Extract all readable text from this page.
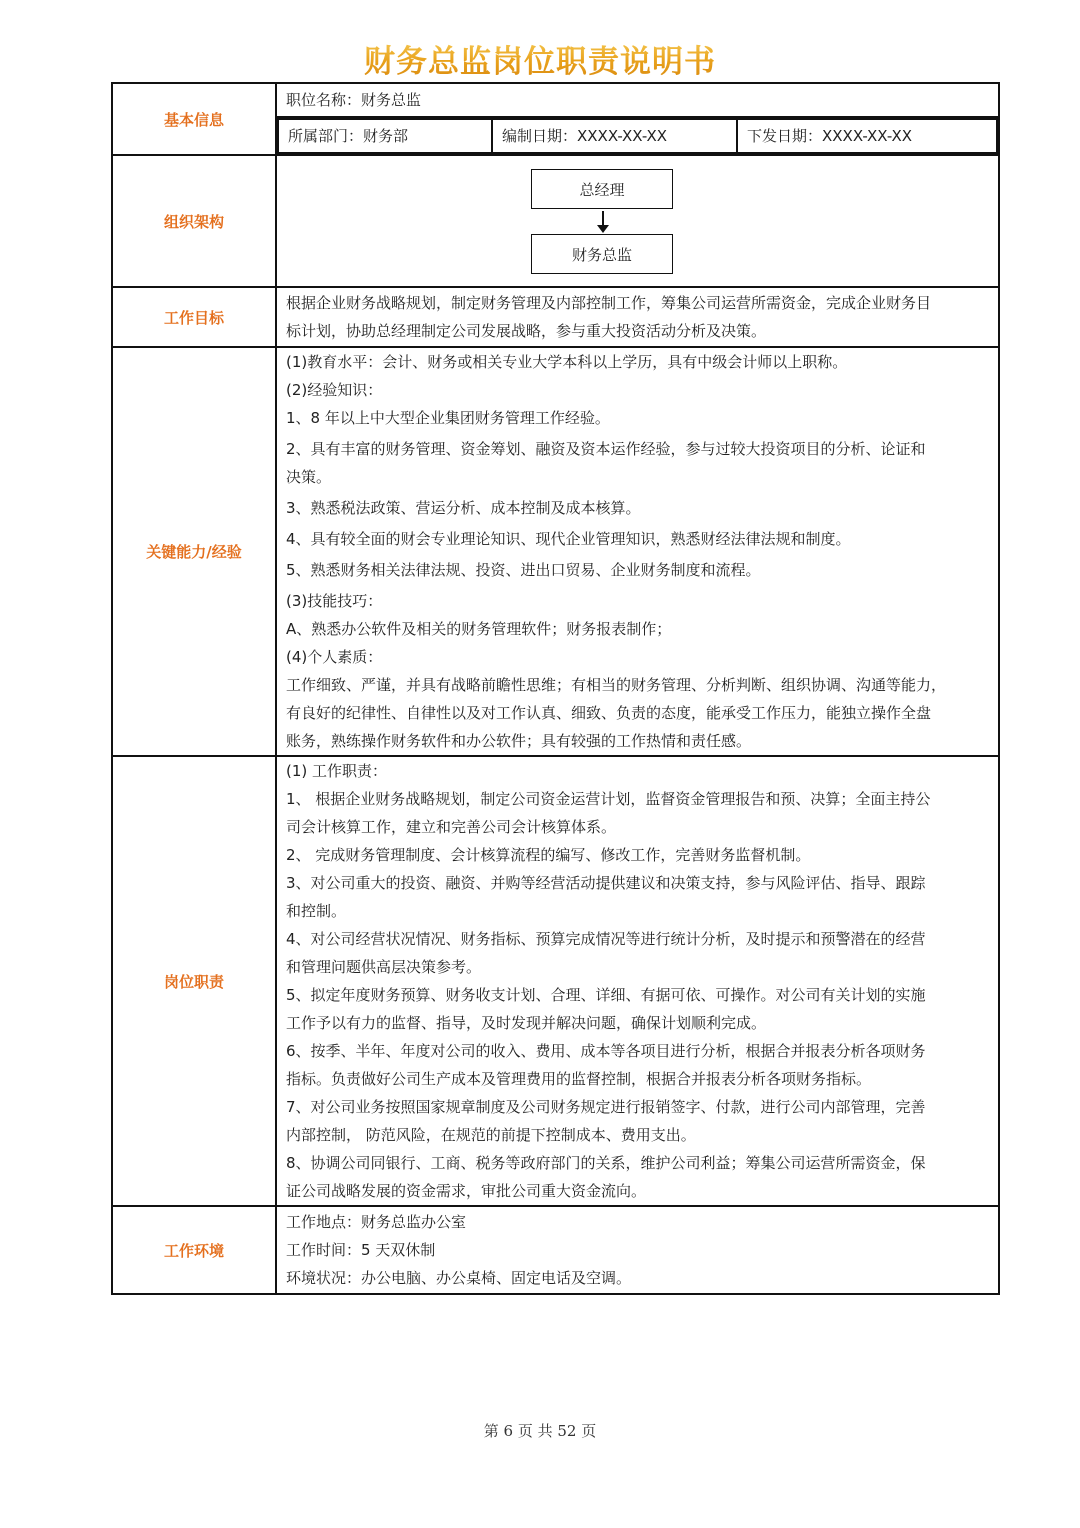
财务总监岗位职责说明书
基本信息	
职位名称：财务总监

所属部门：财务部	编制日期：XXXX-XX-XX	下发日期：XXXX-XX-XX

组织架构	
总经理
财务总监

工作目标	
根据企业财务战略规划，制定财务管理及内部控制工作，筹集公司运营所需资金，完成企业财务目
标计划，协助总经理制定公司发展战略，参与重大投资活动分析及决策。

关键能力/经验	
(1)教育水平：会计、财务或相关专业大学本科以上学历，具有中级会计师以上职称。
(2)经验知识：
1、8 年以上中大型企业集团财务管理工作经验。
2、具有丰富的财务管理、资金筹划、融资及资本运作经验，参与过较大投资项目的分析、论证和
决策。
3、熟悉税法政策、营运分析、成本控制及成本核算。
4、具有较全面的财会专业理论知识、现代企业管理知识，熟悉财经法律法规和制度。
5、熟悉财务相关法律法规、投资、进出口贸易、企业财务制度和流程。
(3)技能技巧：
A、熟悉办公软件及相关的财务管理软件；财务报表制作；
(4)个人素质：
工作细致、严谨，并具有战略前瞻性思维；有相当的财务管理、分析判断、组织协调、沟通等能力，
有良好的纪律性、自律性以及对工作认真、细致、负责的态度，能承受工作压力，能独立操作全盘
账务，熟练操作财务软件和办公软件；具有较强的工作热情和责任感。

岗位职责	
(1) 工作职责：
1、 根据企业财务战略规划，制定公司资金运营计划，监督资金管理报告和预、决算；全面主持公
司会计核算工作，建立和完善公司会计核算体系。
2、 完成财务管理制度、会计核算流程的编写、修改工作，完善财务监督机制。
3、对公司重大的投资、融资、并购等经营活动提供建议和决策支持，参与风险评估、指导、跟踪
和控制。
4、对公司经营状况情况、财务指标、预算完成情况等进行统计分析，及时提示和预警潜在的经营
和管理问题供高层决策参考。
5、拟定年度财务预算、财务收支计划、合理、详细、有据可依、可操作。对公司有关计划的实施
工作予以有力的监督、指导，及时发现并解决问题，确保计划顺利完成。
6、按季、半年、年度对公司的收入、费用、成本等各项目进行分析，根据合并报表分析各项财务
指标。负责做好公司生产成本及管理费用的监督控制，根据合并报表分析各项财务指标。
7、对公司业务按照国家规章制度及公司财务规定进行报销签字、付款，进行公司内部管理，完善
内部控制， 防范风险，在规范的前提下控制成本、费用支出。
8、协调公司同银行、工商、税务等政府部门的关系，维护公司利益；筹集公司运营所需资金，保
证公司战略发展的资金需求，审批公司重大资金流向。

工作环境	
工作地点：财务总监办公室
工作时间：5 天双休制
环境状况：办公电脑、办公桌椅、固定电话及空调。
第 6 页 共 52 页
